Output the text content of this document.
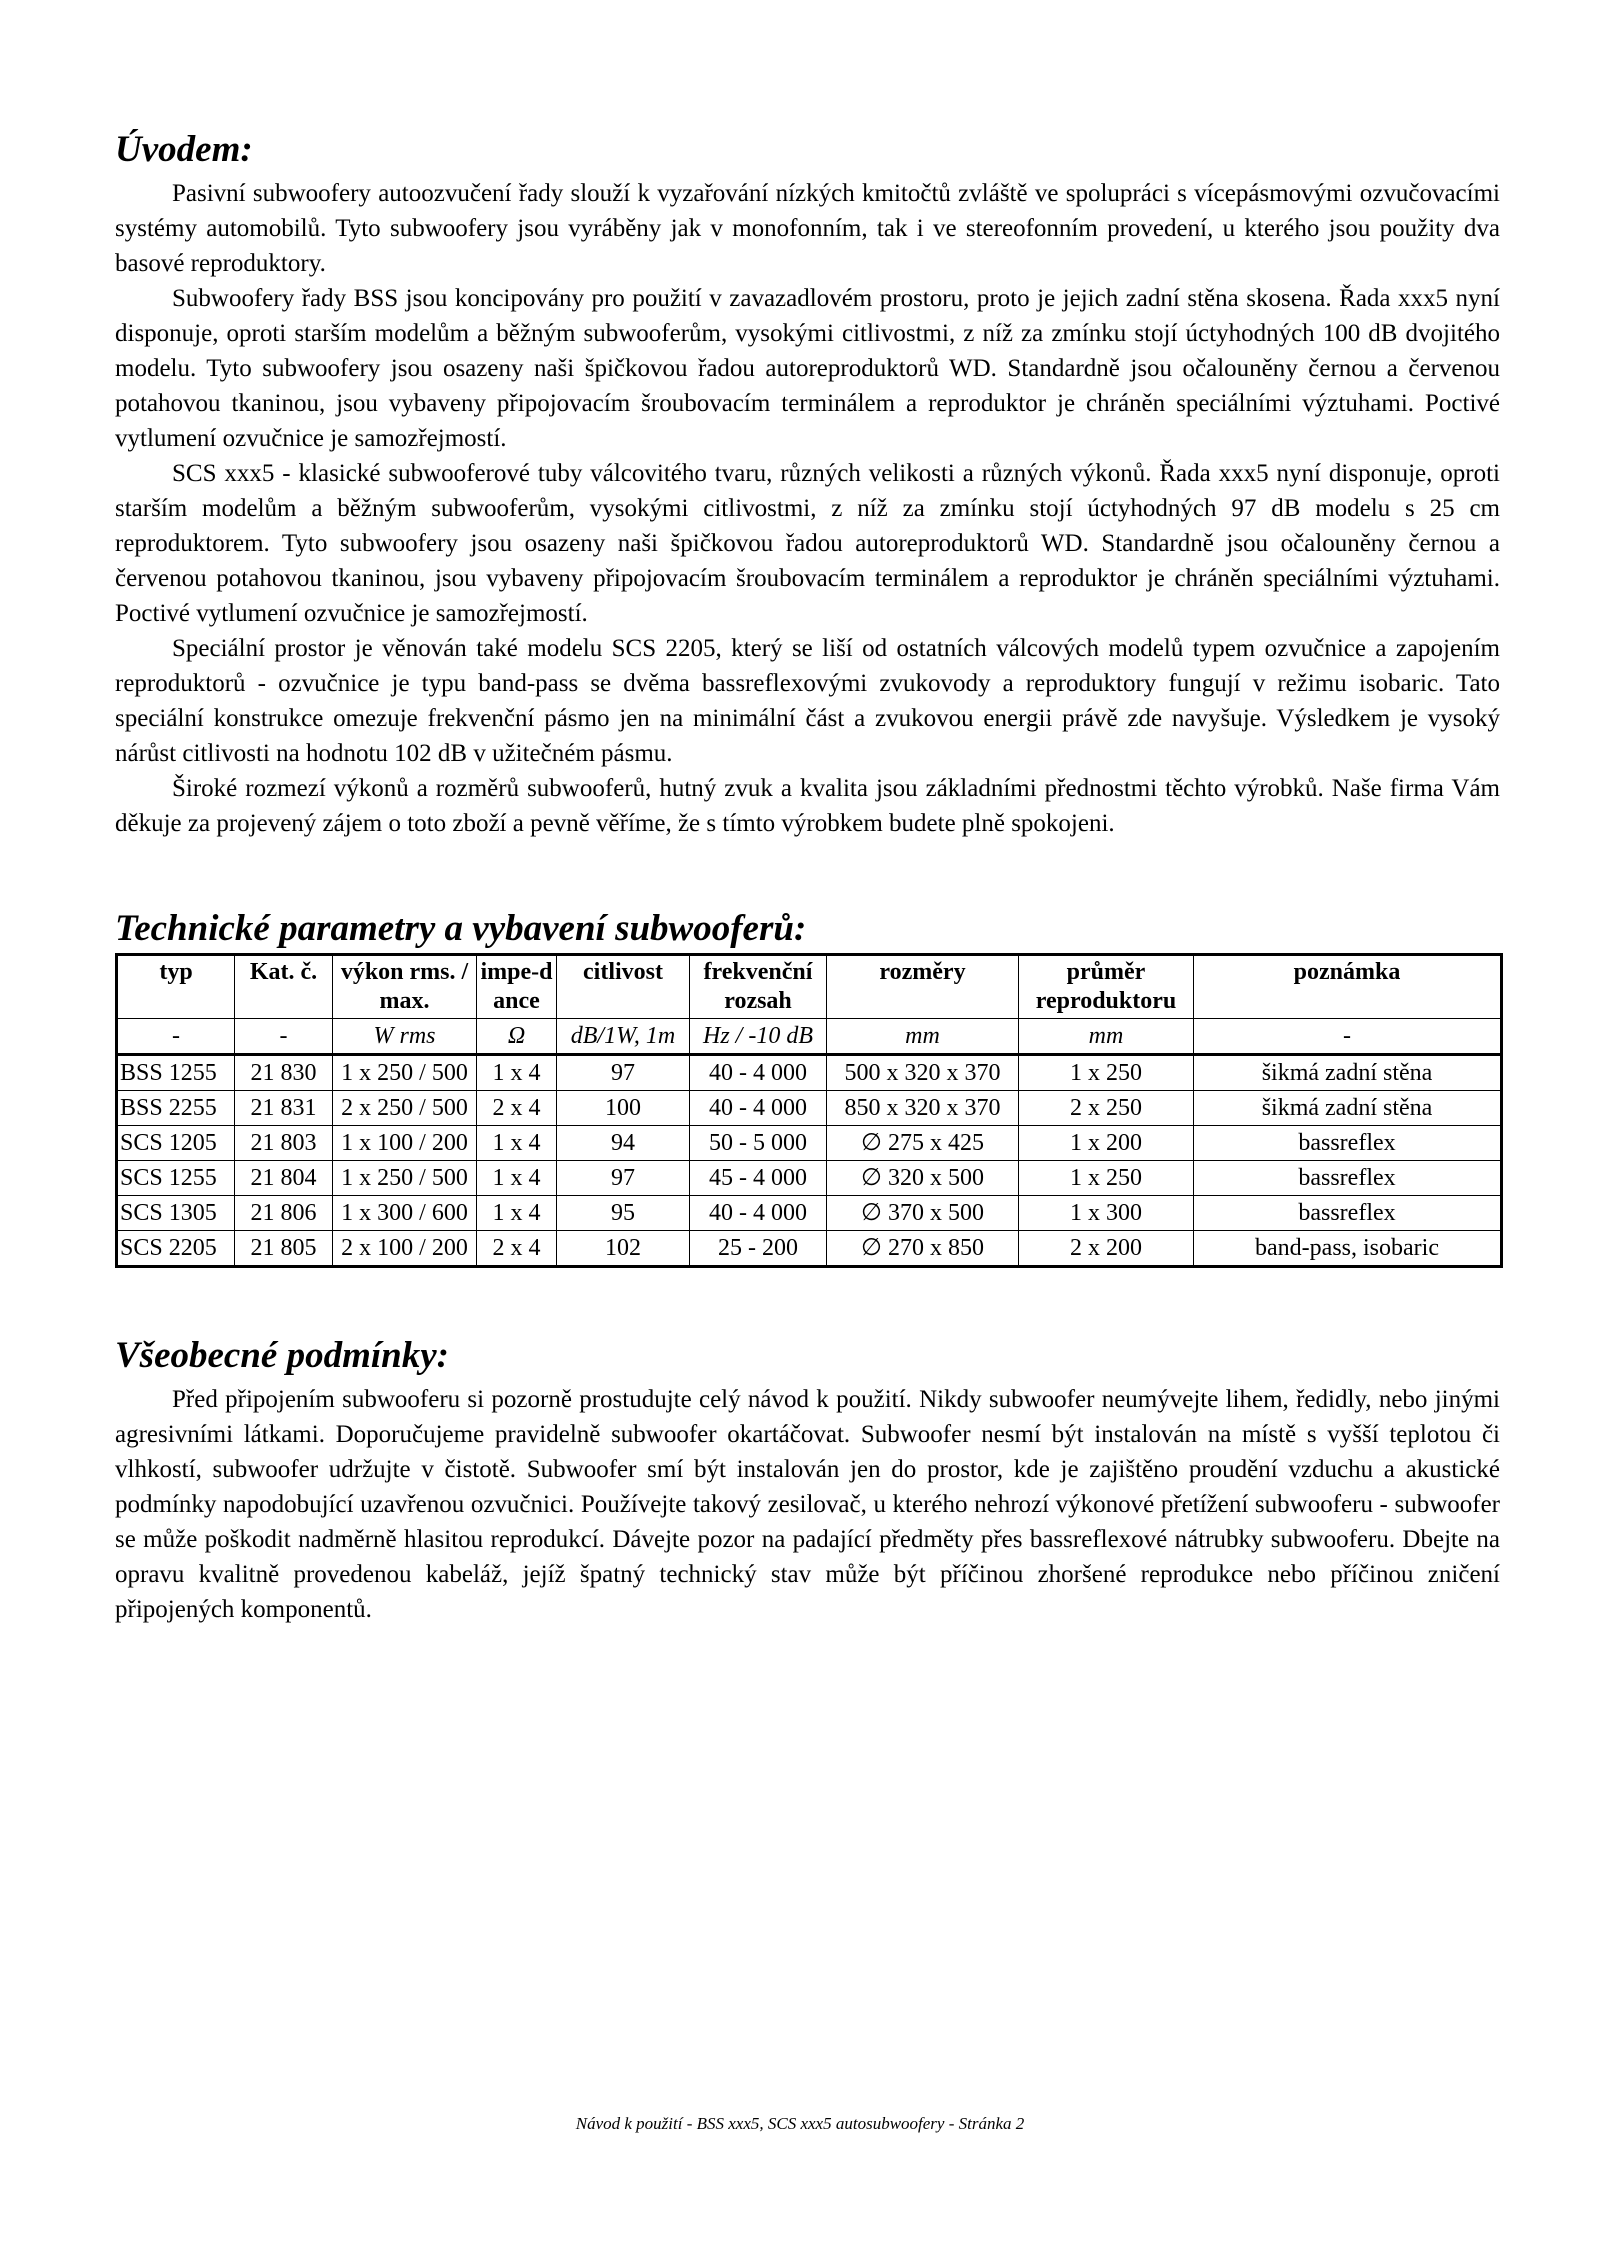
Úvodem:

Pasivní subwoofery autoozvučení řady slouží k vyzařování nízkých kmitočtů zvláště ve spolupráci s vícepásmovými ozvučovacími systémy automobilů. Tyto subwoofery jsou vyráběny jak v monofonním, tak i ve stereofonním provedení, u kterého jsou použity dva basové reproduktory.

Subwoofery řady BSS jsou koncipovány pro použití v zavazadlovém prostoru, proto je jejich zadní stěna skosena. Řada xxx5 nyní disponuje, oproti starším modelům a běžným subwooferům, vysokými citlivostmi, z níž za zmínku stojí úctyhodných 100 dB dvojitého modelu. Tyto subwoofery jsou osazeny naši špičkovou řadou autoreproduktorů WD. Standardně jsou očalouněny černou a červenou potahovou tkaninou, jsou vybaveny připojovacím šroubovacím terminálem a reproduktor je chráněn speciálními výztuhami. Poctivé vytlumení ozvučnice je samozřejmostí.

SCS xxx5 - klasické subwooferové tuby válcovitého tvaru, různých velikosti a různých výkonů. Řada xxx5 nyní disponuje, oproti starším modelům a běžným subwooferům, vysokými citlivostmi, z níž za zmínku stojí úctyhodných 97 dB modelu s 25 cm reproduktorem. Tyto subwoofery jsou osazeny naši špičkovou řadou autoreproduktorů WD. Standardně jsou očalouněny černou a červenou potahovou tkaninou, jsou vybaveny připojovacím šroubovacím terminálem a reproduktor je chráněn speciálními výztuhami. Poctivé vytlumení ozvučnice je samozřejmostí.

Speciální prostor je věnován také modelu SCS 2205, který se liší od ostatních válcových modelů typem ozvučnice a zapojením reproduktorů - ozvučnice je typu band-pass se dvěma bassreflexovými zvukovody a reproduktory fungují v režimu isobaric. Tato speciální konstrukce omezuje frekvenční pásmo jen na minimální část a zvukovou energii právě zde navyšuje. Výsledkem je vysoký nárůst citlivosti na hodnotu 102 dB v užitečném pásmu.

Široké rozmezí výkonů a rozměrů subwooferů, hutný zvuk a kvalita jsou základními přednostmi těchto výrobků. Naše firma Vám děkuje za projevený zájem o toto zboží a pevně věříme, že s tímto výrobkem budete plně spokojeni.

Technické parametry a vybavení subwooferů:
typ	Kat. č.	výkon rms. / max.	impe-dance	citlivost	frekvenční rozsah	rozměry	průměr reproduktoru	poznámka
-	-	W rms	Ω	dB/1W, 1m	Hz / -10 dB	mm	mm	-
BSS 1255	21 830	1 x 250 / 500	1 x 4	97	40 - 4 000	500 x 320 x 370	1 x 250	šikmá zadní stěna
BSS 2255	21 831	2 x 250 / 500	2 x 4	100	40 - 4 000	850 x 320 x 370	2 x 250	šikmá zadní stěna
SCS 1205	21 803	1 x 100 / 200	1 x 4	94	50 - 5 000	∅ 275 x 425	1 x 200	bassreflex
SCS 1255	21 804	1 x 250 / 500	1 x 4	97	45 - 4 000	∅ 320 x 500	1 x 250	bassreflex
SCS 1305	21 806	1 x 300 / 600	1 x 4	95	40 - 4 000	∅ 370 x 500	1 x 300	bassreflex
SCS 2205	21 805	2 x 100 / 200	2 x 4	102	25 - 200	∅ 270 x 850	2 x 200	band-pass, isobaric
Všeobecné podmínky:

Před připojením subwooferu si pozorně prostudujte celý návod k použití. Nikdy subwoofer neumývejte lihem, ředidly, nebo jinými agresivními látkami. Doporučujeme pravidelně subwoofer okartáčovat. Subwoofer nesmí být instalován na místě s vyšší teplotou či vlhkostí, subwoofer udržujte v čistotě. Subwoofer smí být instalován jen do prostor, kde je zajištěno proudění vzduchu a akustické podmínky napodobující uzavřenou ozvučnici. Používejte takový zesilovač, u kterého nehrozí výkonové přetížení subwooferu - subwoofer se může poškodit nadměrně hlasitou reprodukcí. Dávejte pozor na padající předměty přes bassreflexové nátrubky subwooferu. Dbejte na opravu kvalitně provedenou kabeláž, jejíž špatný technický stav může být příčinou zhoršené reprodukce nebo příčinou zničení připojených komponentů.

Návod k použití - BSS xxx5, SCS xxx5 autosubwoofery - Stránka 2
